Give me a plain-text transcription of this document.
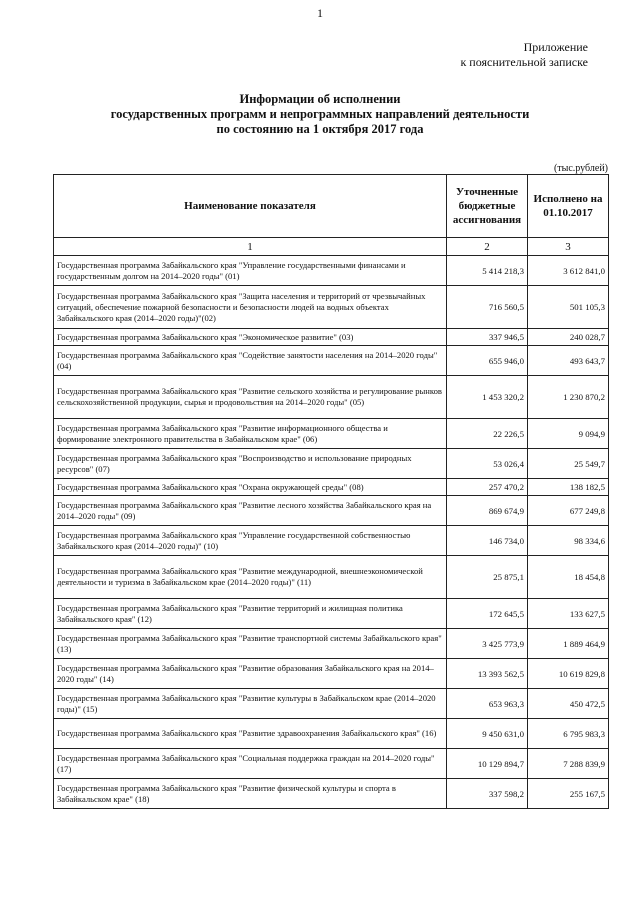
1
Приложение
к пояснительной записке
Информации об исполнении
государственных программ и непрограммных направлений деятельности
по состоянию на 1 октября 2017 года
(тыс.рублей)
Наименование показателя	Уточненные бюджетные ассигнования	Исполнено на 01.10.2017
1	2	3
Государственная программа Забайкальского края "Управление государственными финансами и государственным долгом на 2014–2020 годы" (01)	5 414 218,3	3 612 841,0
Государственная программа Забайкальского края "Защита населения и территорий от чрезвычайных ситуаций, обеспечение пожарной безопасности и безопасности людей на водных объектах Забайкальского края (2014–2020 годы)"(02)	716 560,5	501 105,3
Государственная программа Забайкальского края "Экономическое развитие" (03)	337 946,5	240 028,7
Государственная программа Забайкальского края "Содействие занятости населения на 2014–2020 годы" (04)	655 946,0	493 643,7
Государственная программа Забайкальского края "Развитие сельского хозяйства и регулирование рынков сельскохозяйственной продукции, сырья и продовольствия на 2014–2020 годы" (05)	1 453 320,2	1 230 870,2
Государственная программа Забайкальского края "Развитие информационного общества и формирование электронного правительства в Забайкальском крае" (06)	22 226,5	9 094,9
Государственная программа Забайкальского края "Воспроизводство и использование природных ресурсов" (07)	53 026,4	25 549,7
Государственная программа Забайкальского края "Охрана окружающей среды" (08)	257 470,2	138 182,5
Государственная программа Забайкальского края "Развитие лесного хозяйства Забайкальского края на 2014–2020 годы" (09)	869 674,9	677 249,8
Государственная программа Забайкальского края "Управление государственной собственностью Забайкальского края (2014–2020 годы)" (10)	146 734,0	98 334,6
Государственная программа Забайкальского края "Развитие международной, внешнеэкономической деятельности и туризма в Забайкальском крае (2014–2020 годы)" (11)	25 875,1	18 454,8
Государственная программа Забайкальского края "Развитие территорий и жилищная политика Забайкальского края" (12)	172 645,5	133 627,5
Государственная программа Забайкальского края "Развитие транспортной системы Забайкальского края" (13)	3 425 773,9	1 889 464,9
Государственная программа Забайкальского края "Развитие образования Забайкальского края на 2014–2020 годы" (14)	13 393 562,5	10 619 829,8
Государственная программа Забайкальского края "Развитие культуры в Забайкальском крае (2014–2020 годы)" (15)	653 963,3	450 472,5
Государственная программа Забайкальского края "Развитие здравоохранения Забайкальского края" (16)	9 450 631,0	6 795 983,3
Государственная программа Забайкальского края "Социальная поддержка граждан на 2014–2020 годы" (17)	10 129 894,7	7 288 839,9
Государственная программа Забайкальского края "Развитие физической культуры и спорта в Забайкальском крае" (18)	337 598,2	255 167,5
